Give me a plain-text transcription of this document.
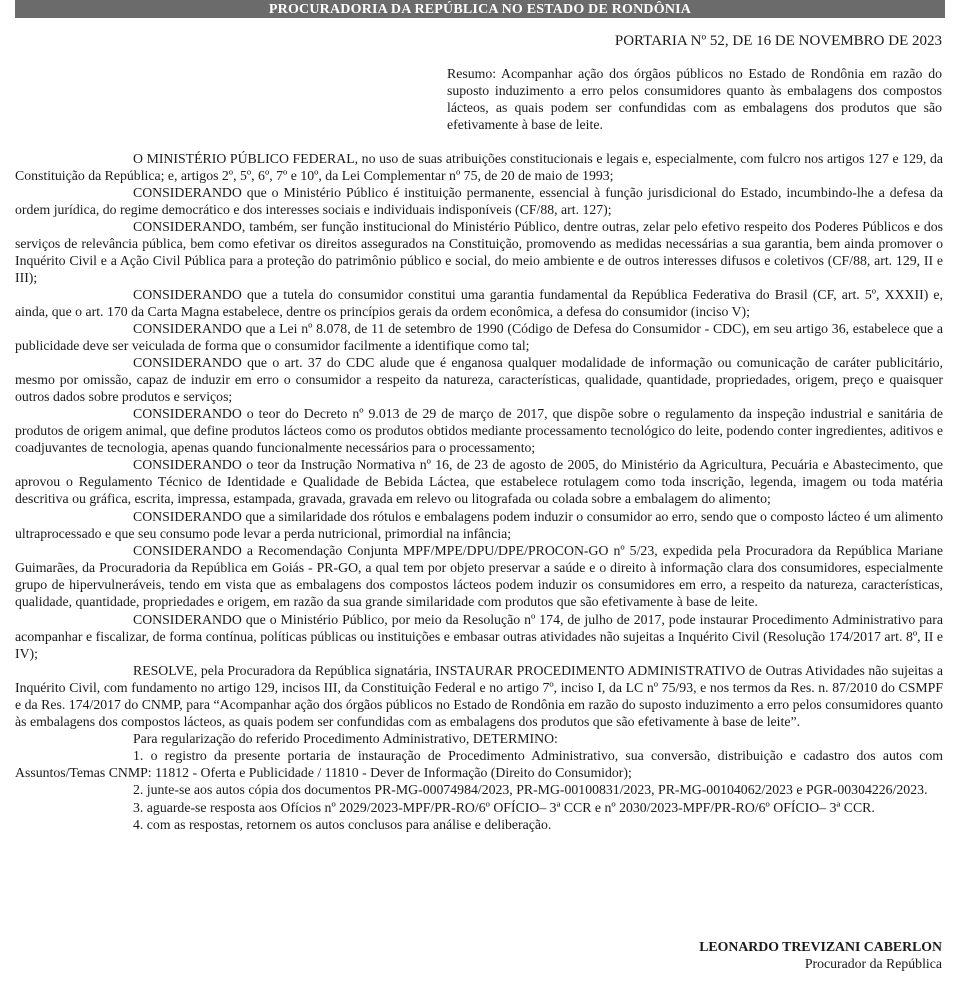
PROCURADORIA DA REPÚBLICA NO ESTADO DE RONDÔNIA
PORTARIA Nº 52, DE 16 DE NOVEMBRO DE 2023
Resumo: Acompanhar ação dos órgãos públicos no Estado de Rondônia em razão do suposto induzimento a erro pelos consumidores quanto às embalagens dos compostos lácteos, as quais podem ser confundidas com as embalagens dos produtos que são efetivamente à base de leite.

O MINISTÉRIO PÚBLICO FEDERAL, no uso de suas atribuições constitucionais e legais e, especialmente, com fulcro nos artigos 127 e 129, da Constituição da República; e, artigos 2º, 5º, 6º, 7º e 10º, da Lei Complementar nº 75, de 20 de maio de 1993;

CONSIDERANDO que o Ministério Público é instituição permanente, essencial à função jurisdicional do Estado, incumbindo-lhe a defesa da ordem jurídica, do regime democrático e dos interesses sociais e individuais indisponíveis (CF/88, art. 127);

CONSIDERANDO, também, ser função institucional do Ministério Público, dentre outras, zelar pelo efetivo respeito dos Poderes Públicos e dos serviços de relevância pública, bem como efetivar os direitos assegurados na Constituição, promovendo as medidas necessárias a sua garantia, bem ainda promover o Inquérito Civil e a Ação Civil Pública para a proteção do patrimônio público e social, do meio ambiente e de outros interesses difusos e coletivos (CF/88, art. 129, II e III);

CONSIDERANDO que a tutela do consumidor constitui uma garantia fundamental da República Federativa do Brasil (CF, art. 5º, XXXII) e, ainda, que o art. 170 da Carta Magna estabelece, dentre os princípios gerais da ordem econômica, a defesa do consumidor (inciso V);

CONSIDERANDO que a Lei nº 8.078, de 11 de setembro de 1990 (Código de Defesa do Consumidor - CDC), em seu artigo 36, estabelece que a publicidade deve ser veiculada de forma que o consumidor facilmente a identifique como tal;

CONSIDERANDO que o art. 37 do CDC alude que é enganosa qualquer modalidade de informação ou comunicação de caráter publicitário, mesmo por omissão, capaz de induzir em erro o consumidor a respeito da natureza, características, qualidade, quantidade, propriedades, origem, preço e quaisquer outros dados sobre produtos e serviços;

CONSIDERANDO o teor do Decreto nº 9.013 de 29 de março de 2017, que dispõe sobre o regulamento da inspeção industrial e sanitária de produtos de origem animal, que define produtos lácteos como os produtos obtidos mediante processamento tecnológico do leite, podendo conter ingredientes, aditivos e coadjuvantes de tecnologia, apenas quando funcionalmente necessários para o processamento;

CONSIDERANDO o teor da Instrução Normativa nº 16, de 23 de agosto de 2005, do Ministério da Agricultura, Pecuária e Abastecimento, que aprovou o Regulamento Técnico de Identidade e Qualidade de Bebida Láctea, que estabelece rotulagem como toda inscrição, legenda, imagem ou toda matéria descritiva ou gráfica, escrita, impressa, estampada, gravada, gravada em relevo ou litografada ou colada sobre a embalagem do alimento;

CONSIDERANDO que a similaridade dos rótulos e embalagens podem induzir o consumidor ao erro, sendo que o composto lácteo é um alimento ultraprocessado e que seu consumo pode levar a perda nutricional, primordial na infância;

CONSIDERANDO a Recomendação Conjunta MPF/MPE/DPU/DPE/PROCON-GO nº 5/23, expedida pela Procuradora da República Mariane Guimarães, da Procuradoria da República em Goiás - PR-GO, a qual tem por objeto preservar a saúde e o direito à informação clara dos consumidores, especialmente grupo de hipervulneráveis, tendo em vista que as embalagens dos compostos lácteos podem induzir os consumidores em erro, a respeito da natureza, características, qualidade, quantidade, propriedades e origem, em razão da sua grande similaridade com produtos que são efetivamente à base de leite.

CONSIDERANDO que o Ministério Público, por meio da Resolução nº 174, de julho de 2017, pode instaurar Procedimento Administrativo para acompanhar e fiscalizar, de forma contínua, políticas públicas ou instituições e embasar outras atividades não sujeitas a Inquérito Civil (Resolução 174/2017 art. 8º, II e IV);

RESOLVE, pela Procuradora da República signatária, INSTAURAR PROCEDIMENTO ADMINISTRATIVO de Outras Atividades não sujeitas a Inquérito Civil, com fundamento no artigo 129, incisos III, da Constituição Federal e no artigo 7º, inciso I, da LC nº 75/93, e nos termos da Res. n. 87/2010 do CSMPF e da Res. 174/2017 do CNMP, para “Acompanhar ação dos órgãos públicos no Estado de Rondônia em razão do suposto induzimento a erro pelos consumidores quanto às embalagens dos compostos lácteos, as quais podem ser confundidas com as embalagens dos produtos que são efetivamente à base de leite”.

Para regularização do referido Procedimento Administrativo, DETERMINO:

1. o registro da presente portaria de instauração de Procedimento Administrativo, sua conversão, distribuição e cadastro dos autos com Assuntos/Temas CNMP: 11812 - Oferta e Publicidade / 11810 - Dever de Informação (Direito do Consumidor);

2. junte-se aos autos cópia dos documentos PR-MG-00074984/2023, PR-MG-00100831/2023, PR-MG-00104062/2023 e PGR-00304226/2023.

3. aguarde-se resposta aos Ofícios nº 2029/2023-MPF/PR-RO/6º OFÍCIO– 3ª CCR e nº 2030/2023-MPF/PR-RO/6º OFÍCIO– 3ª CCR.

4. com as respostas, retornem os autos conclusos para análise e deliberação.

LEONARDO TREVIZANI CABERLON
Procurador da República
